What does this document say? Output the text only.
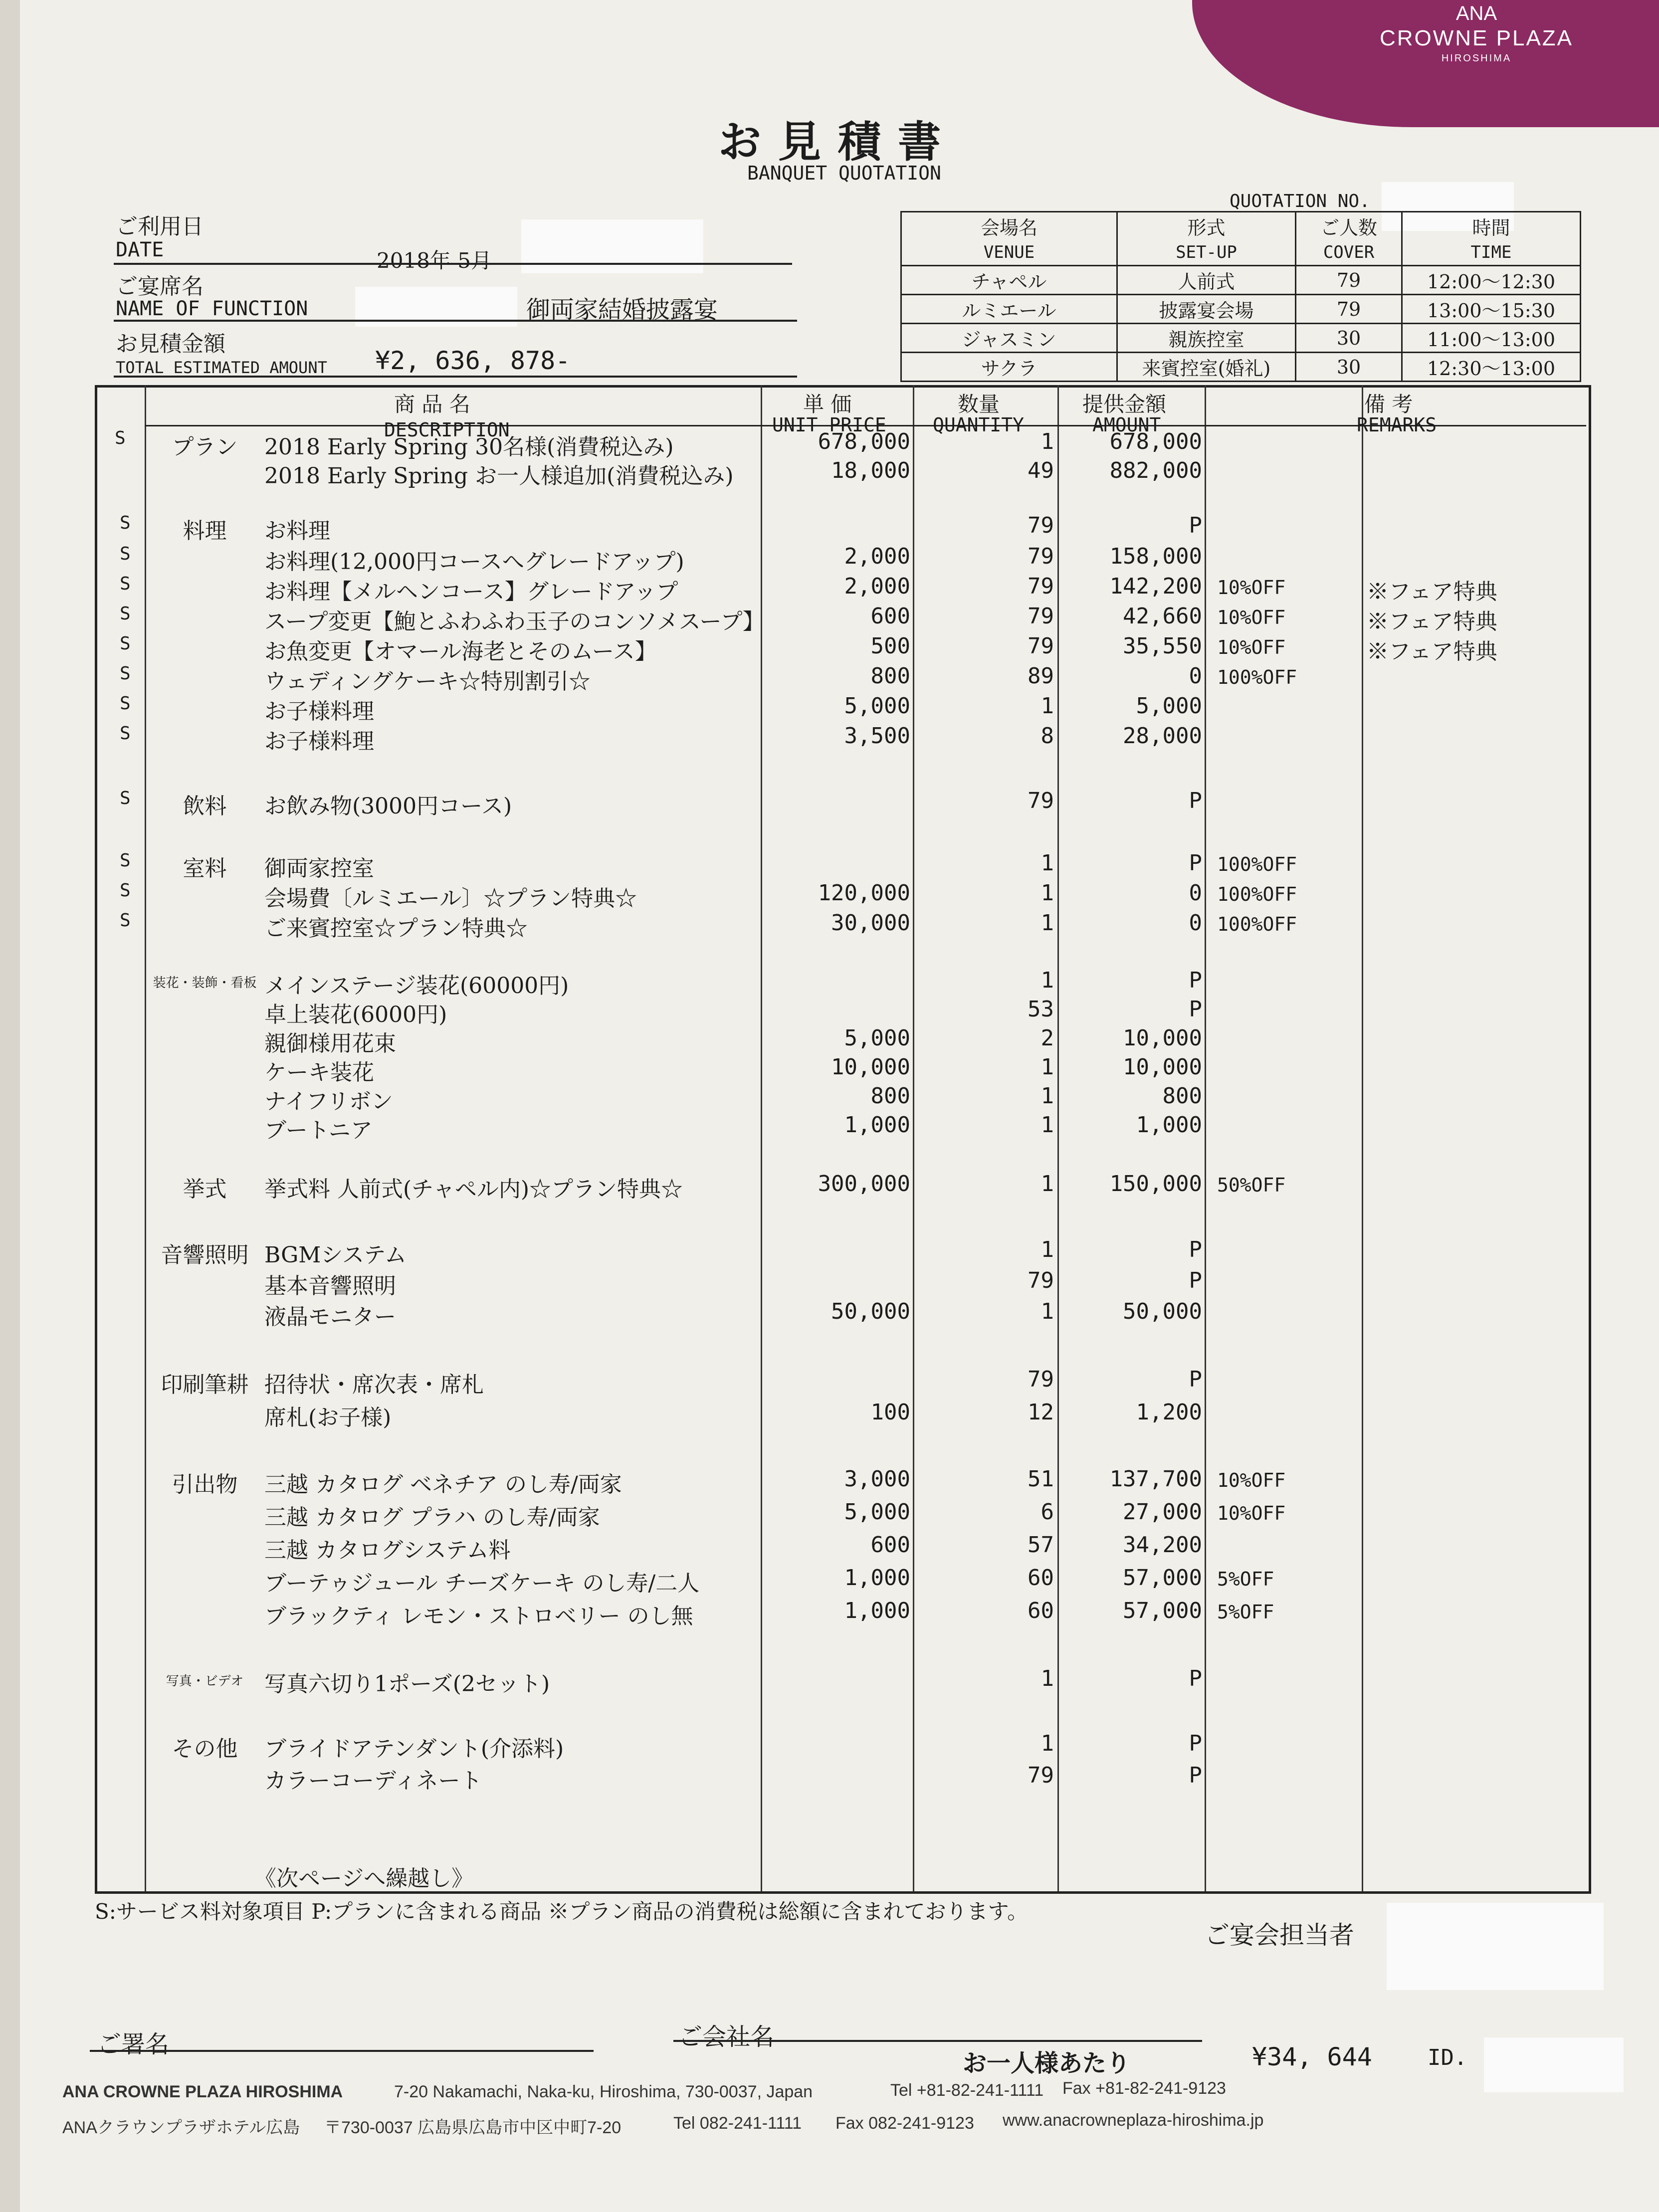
ANA
CROWNE PLAZA
HIROSHIMA
お見積書
BANQUET QUOTATION
QUOTATION NO.
ご利用日
DATE	2018年 5月
ご宴席名
NAME OF FUNCTION	御両家結婚披露宴
お見積金額
TOTAL ESTIMATED AMOUNT ¥2, 636, 878-
会場名	形式	ご人数	時間
VENUE	SET-UP	COVER	TIME
チャペル	人前式	79	12:00〜12:30
ルミエール	披露宴会場	79	13:00〜15:30
ジャスミン	親族控室	30	11:00〜13:00
サクラ	来賓控室(婚礼)	30	12:30〜13:00
S
商 品 名
DESCRIPTION
単 価
UNIT PRICE
数量
QUANTITY
提供金額
AMOUNT
備 考
REMARKS
プラン	2018 Early Spring 30名様(消費税込み)	678,000	1	678,000
2018 Early Spring お一人様追加(消費税込み)	18,000	49	882,000
S	料理	お料理	79	P
S	お料理(12,000円コースへグレードアップ)	2,000	79	158,000
S	お料理【メルヘンコース】グレードアップ	2,000	79	142,200 10%OFF	※フェア特典
S	スープ変更【鮑とふわふわ玉子のコンソメスープ】	600	79	42,660 10%OFF	※フェア特典
S	お魚変更【オマール海老とそのムース】	500	79	35,550 10%OFF	※フェア特典
S	ウェディングケーキ☆特別割引☆	800	89	0 100%OFF
S	お子様料理	5,000	1	5,000
S	お子様料理	3,500	8	28,000
S	飲料	お飲み物(3000円コース)	79	P
S	室料	御両家控室	1	P 100%OFF
S	会場費〔ルミエール〕☆プラン特典☆	120,000	1	0 100%OFF
S	ご来賓控室☆プラン特典☆	30,000	1	0 100%OFF
装花・装飾・看板 メインステージ装花(60000円)	1	P
卓上装花(6000円)	53	P
親御様用花束	5,000	2	10,000
ケーキ装花	10,000	1	10,000
ナイフリボン	800	1	800
ブートニア	1,000	1	1,000
挙式	挙式料 人前式(チャペル内)☆プラン特典☆	300,000	1	150,000 50%OFF
音響照明 BGMシステム	1	P
基本音響照明	79	P
液晶モニター	50,000	1	50,000
印刷筆耕 招待状・席次表・席札	79	P
席札(お子様)	100	12	1,200
引出物	三越 カタログ ベネチア のし寿/両家	3,000	51	137,700 10%OFF
三越 カタログ プラハ のし寿/両家	5,000	6	27,000 10%OFF
三越 カタログシステム料	600	57	34,200
ブーテゥジュール チーズケーキ のし寿/二人	1,000	60	57,000 5%OFF
ブラックティ レモン・ストロベリー のし無	1,000	60	57,000 5%OFF
写真・ビデオ 写真六切り1ポーズ(2セット)	1	P
その他	ブライドアテンダント(介添料)	1	P
カラーコーディネート	79	P
《次ページへ繰越し》
S:サービス料対象項目 P:プランに含まれる商品 ※プラン商品の消費税は総額に含まれております。
ご宴会担当者
ご署名	ご会社名
お一人様あたり	¥34, 644	ID.
ANA CROWNE PLAZA HIROSHIMA	7-20 Nakamachi, Naka-ku, Hiroshima, 730-0037, Japan	Tel +81-82-241-1111 Fax +81-82-241-9123
ANAクラウンプラザホテル広島 〒730-0037 広島県広島市中区中町7-20	Tel 082-241-1111 Fax 082-241-9123 www.anacrowneplaza-hiroshima.jp
